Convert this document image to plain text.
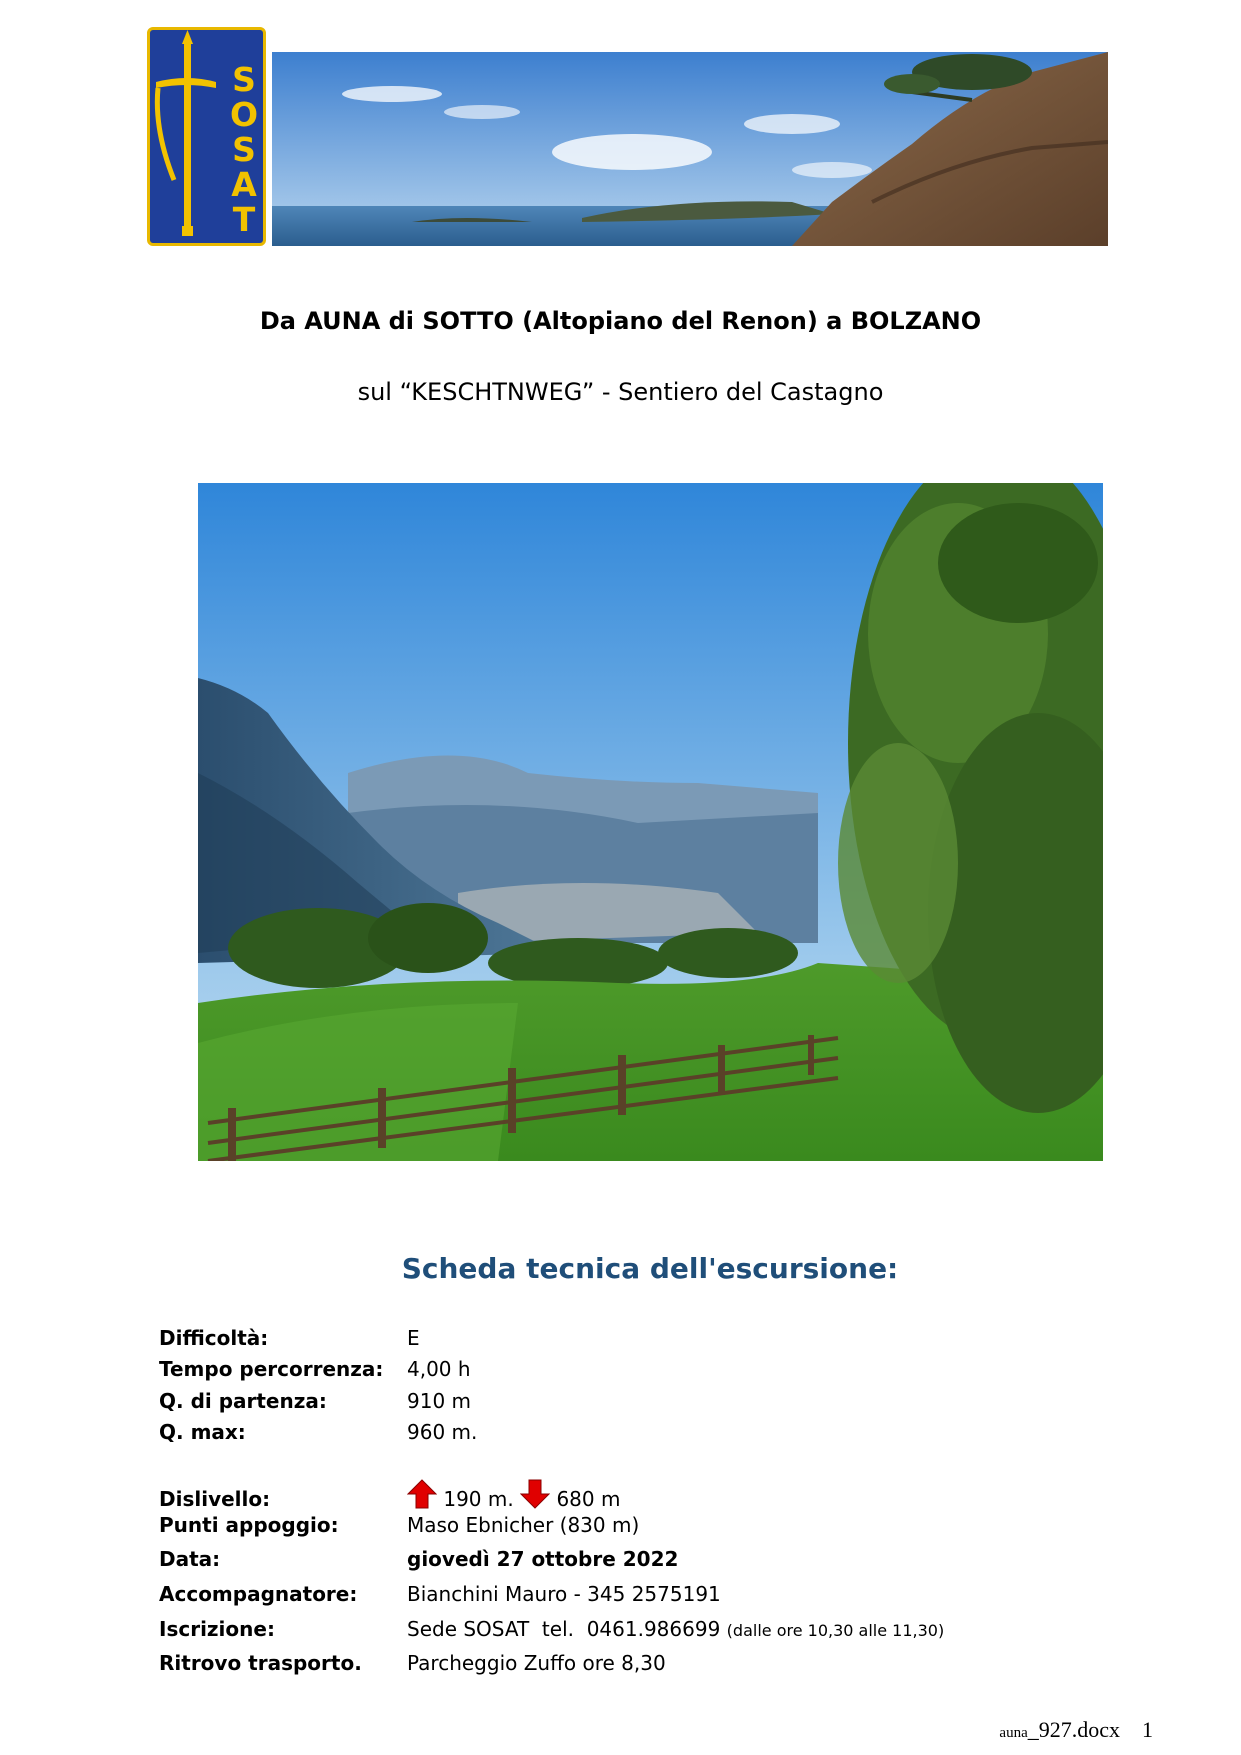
S
O
S
A
T
Da AUNA di SOTTO (Altopiano del Renon) a BOLZANO
sul “KESCHTNWEG” - Sentiero del Castagno
Scheda tecnica dell'escursione:
Difficoltà:	E
Tempo percorrenza:	4,00 h
Q. di partenza:	910 m
Q. max:	960 m.
Dislivello:	190 m. 680 m
Punti appoggio:	Maso Ebnicher (830 m)
Data:	giovedì 27 ottobre 2022
Accompagnatore:	Bianchini Mauro - 345 2575191
Iscrizione:	Sede SOSAT  tel.  0461.986699 (dalle ore 10,30 alle 11,30)
Ritrovo trasporto.	Parcheggio Zuffo ore 8,30
auna_927.docx 1
